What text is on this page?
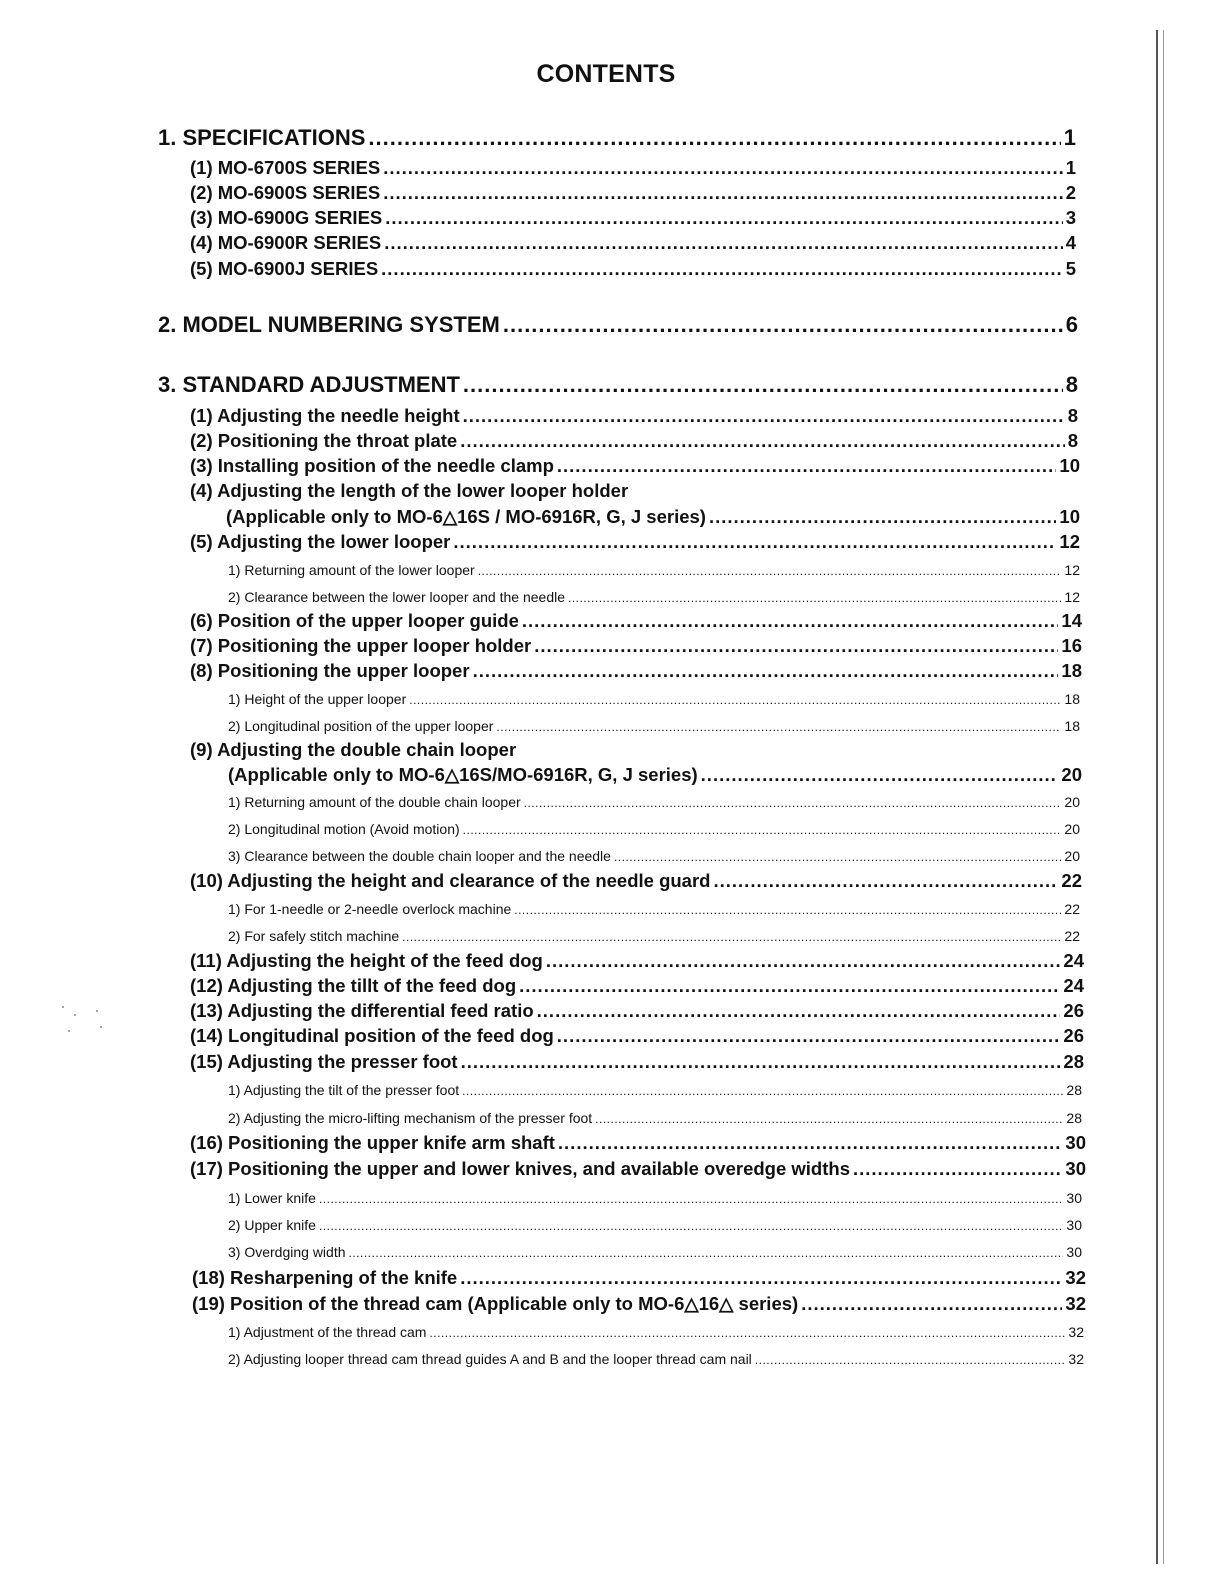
CONTENTS
1. SPECIFICATIONS .....	1
(1) MO-6700S SERIES .....	1
(2) MO-6900S SERIES .....	2
(3) MO-6900G SERIES .....	3
(4) MO-6900R SERIES .....	4
(5) MO-6900J SERIES .....	5
2. MODEL NUMBERING SYSTEM .....	6
3. STANDARD ADJUSTMENT .....	8
(1) Adjusting the needle height .....	8
(2) Positioning the throat plate .....	8
(3) Installing position of the needle clamp .....	10
(4) Adjusting the length of the lower looper holder
(Applicable only to MO-6△16S / MO-6916R, G, J series) .....	10
(5) Adjusting the lower looper .....	12
1) Returning amount of the lower looper .....	12
2) Clearance between the lower looper and the needle .....	12
(6) Position of the upper looper guide .....	14
(7) Positioning the upper looper holder .....	16
(8) Positioning the upper looper .....	18
1) Height of the upper looper .....	18
2) Longitudinal position of the upper looper .....	18
(9) Adjusting the double chain looper
(Applicable only to MO-6△16S/MO-6916R, G, J series) .....	20
1) Returning amount of the double chain looper .....	20
2) Longitudinal motion (Avoid motion) .....	20
3) Clearance between the double chain looper and the needle .....	20
(10) Adjusting the height and clearance of the needle guard .....	22
1) For 1-needle or 2-needle overlock machine .....	22
2) For safely stitch machine .....	22
(11) Adjusting the height of the feed dog .....	24
(12) Adjusting the tillt of the feed dog .....	24
(13) Adjusting the differential feed ratio .....	26
(14) Longitudinal position of the feed dog .....	26
(15) Adjusting the presser foot .....	28
1) Adjusting the tilt of the presser foot .....	28
2) Adjusting the micro-lifting mechanism of the presser foot .....	28
(16) Positioning the upper knife arm shaft .....	30
(17) Positioning the upper and lower knives, and available overedge widths .....	30
1) Lower knife .....	30
2) Upper knife .....	30
3) Overdging width .....	30
(18) Resharpening of the knife .....	32
(19) Position of the thread cam (Applicable only to MO-6△16△ series) .....	32
1) Adjustment of the thread cam .....	32
2) Adjusting looper thread cam thread guides A and B and the looper thread cam nail .....	32
